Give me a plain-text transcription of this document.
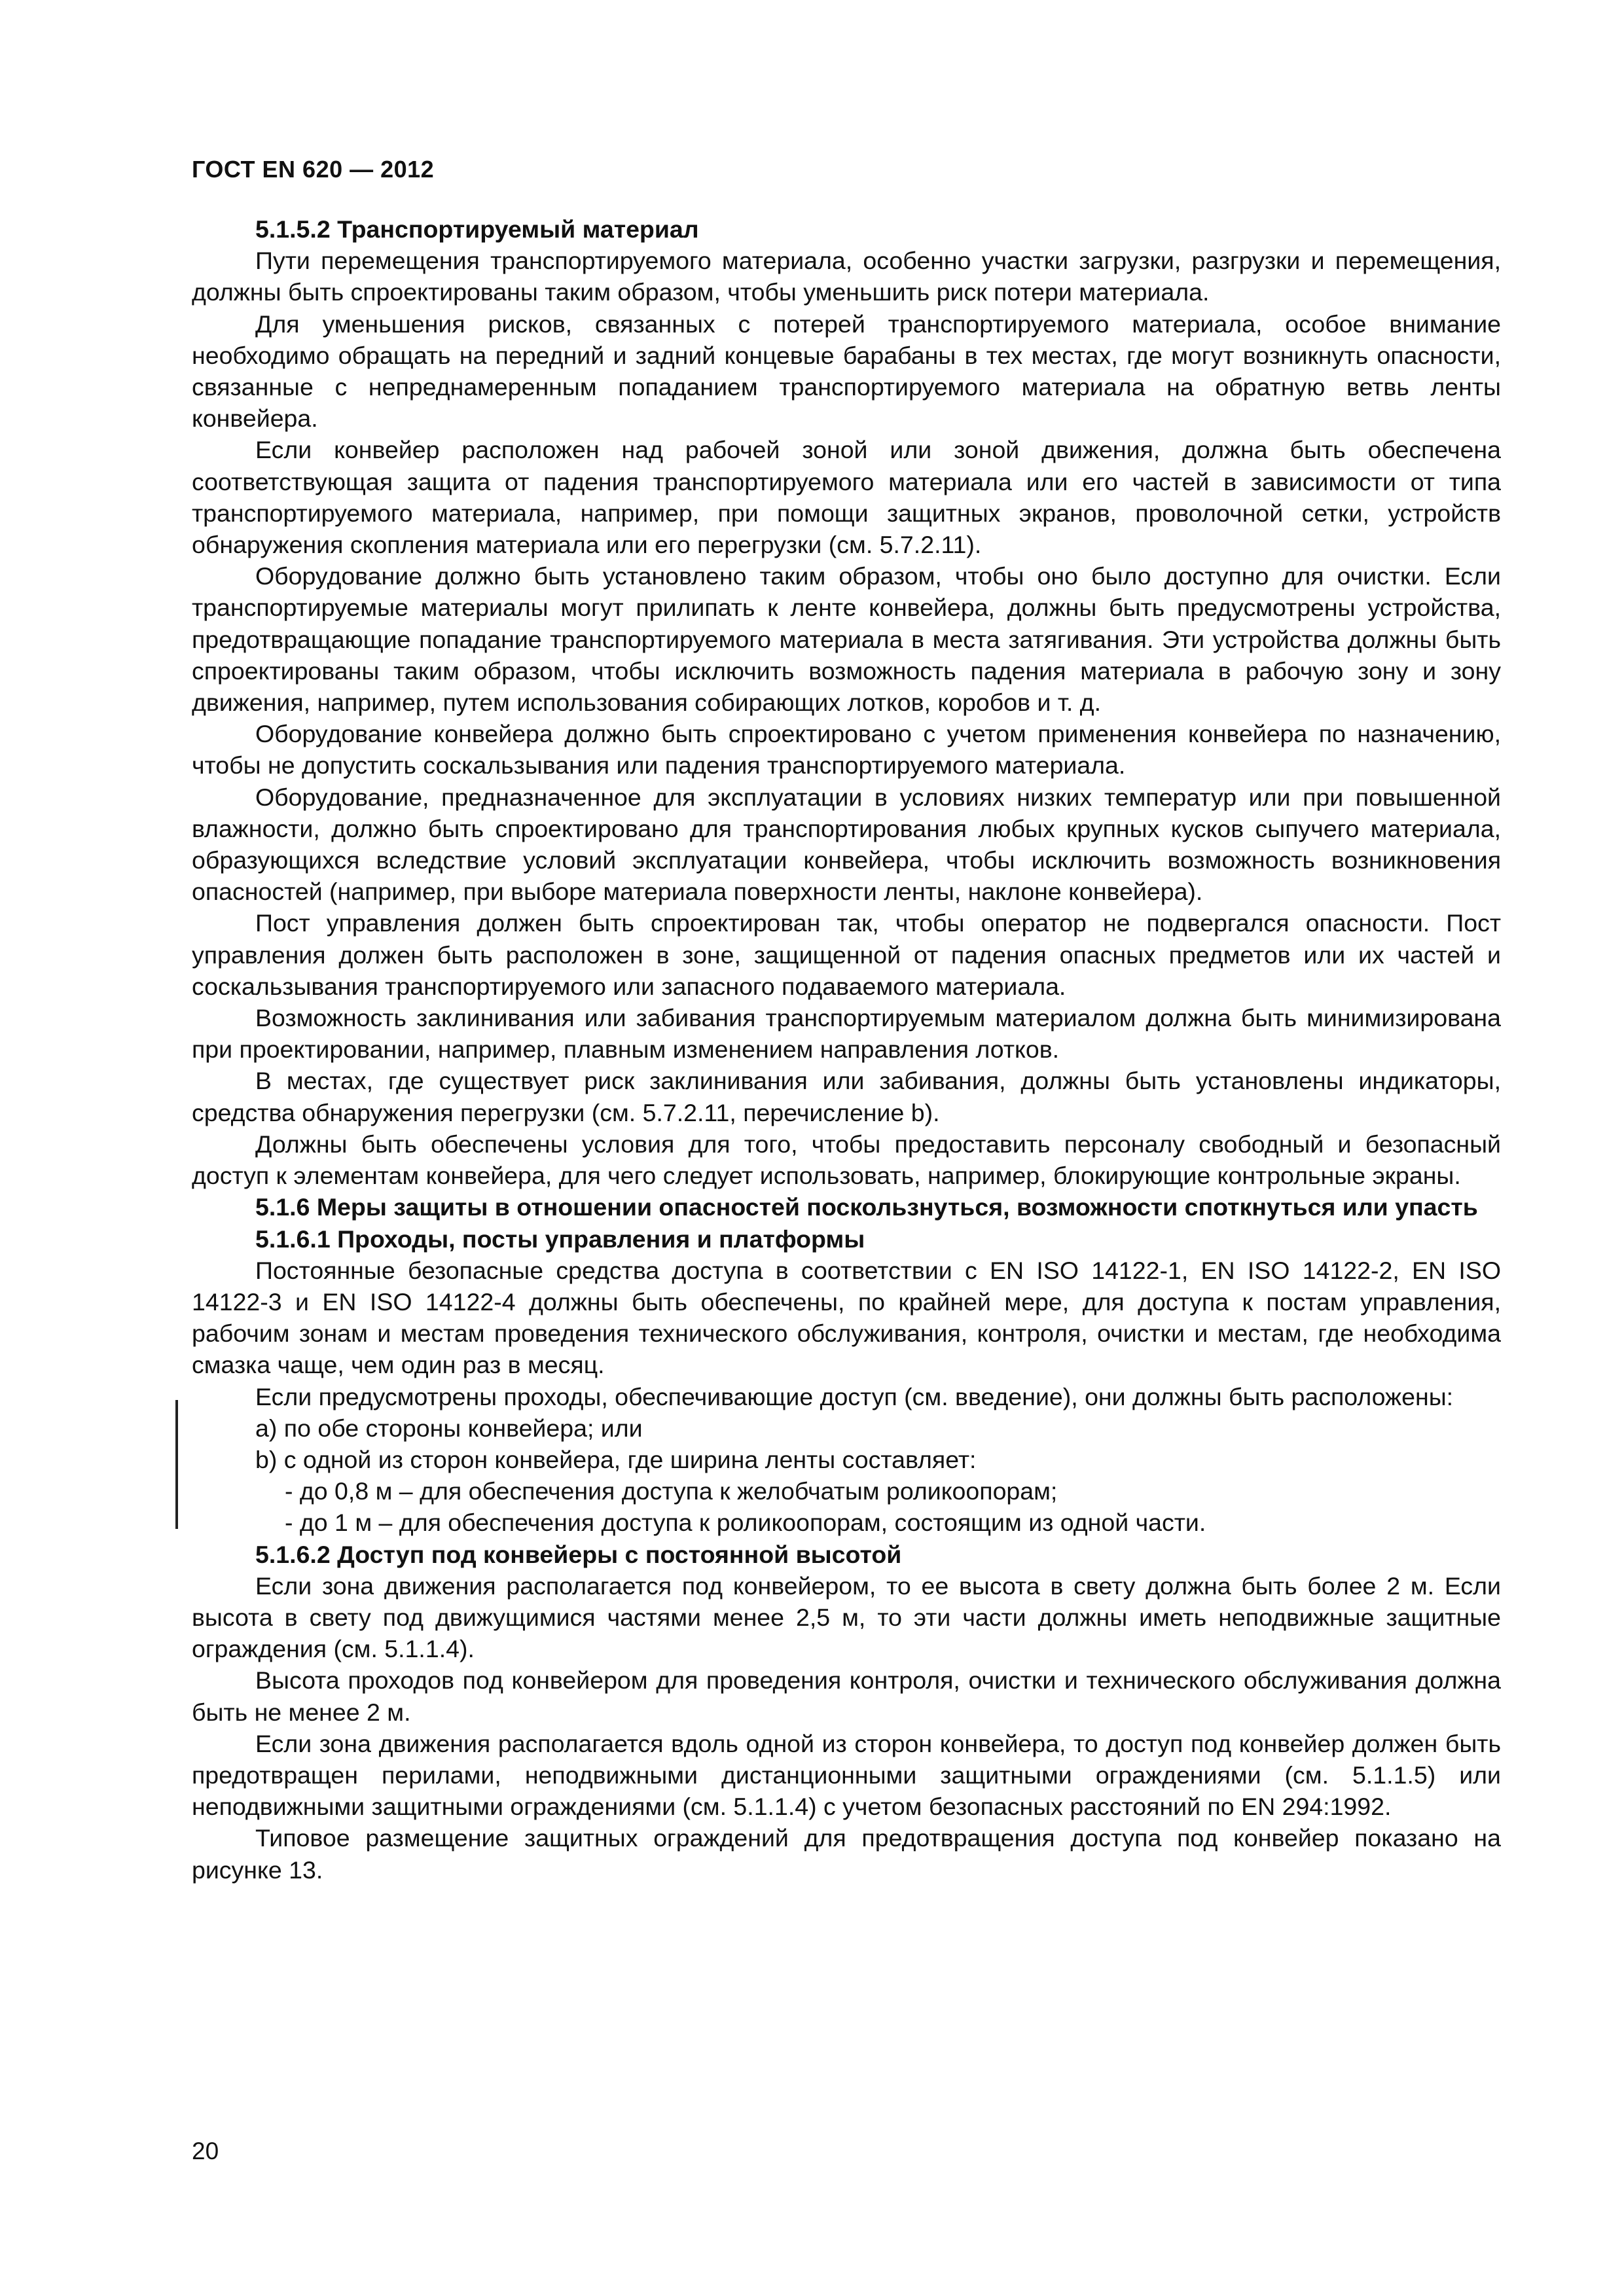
ГОСТ EN 620 — 2012

5.1.5.2 Транспортируемый материал

Пути перемещения транспортируемого материала, особенно участки загрузки, разгрузки и перемещения, должны быть спроектированы таким образом, чтобы уменьшить риск потери материала.

Для уменьшения рисков, связанных с потерей транспортируемого материала, особое внимание необходимо обращать на передний и задний концевые барабаны в тех местах, где могут возникнуть опасности, связанные с непреднамеренным попаданием транспортируемого материала на обратную ветвь ленты конвейера.

Если конвейер расположен над рабочей зоной или зоной движения, должна быть обеспечена соответствующая защита от падения транспортируемого материала или его частей в зависимости от типа транспортируемого материала, например, при помощи защитных экранов, проволочной сетки, устройств обнаружения скопления материала или его перегрузки (см. 5.7.2.11).

Оборудование должно быть установлено таким образом, чтобы оно было доступно для очистки. Если транспортируемые материалы могут прилипать к ленте конвейера, должны быть предусмотрены устройства, предотвращающие попадание транспортируемого материала в места затягивания. Эти устройства должны быть спроектированы таким образом, чтобы исключить возможность падения материала в рабочую зону и зону движения, например, путем использования собирающих лотков, коробов и т. д.

Оборудование конвейера должно быть спроектировано с учетом применения конвейера по назначению, чтобы не допустить соскальзывания или падения транспортируемого материала.

Оборудование, предназначенное для эксплуатации в условиях низких температур или при повышенной влажности, должно быть спроектировано для транспортирования любых крупных кусков сыпучего материала, образующихся вследствие условий эксплуатации конвейера, чтобы исключить возможность возникновения опасностей (например, при выборе материала поверхности ленты, наклоне конвейера).

Пост управления должен быть спроектирован так, чтобы оператор не подвергался опасности. Пост управления должен быть расположен в зоне, защищенной от падения опасных предметов или их частей и соскальзывания транспортируемого или запасного подаваемого материала.

Возможность заклинивания или забивания транспортируемым материалом должна быть минимизирована при проектировании, например, плавным изменением направления лотков.

В местах, где существует риск заклинивания или забивания, должны быть установлены индикаторы, средства обнаружения перегрузки (см. 5.7.2.11, перечисление b).

Должны быть обеспечены условия для того, чтобы предоставить персоналу свободный и безопасный доступ к элементам конвейера, для чего следует использовать, например, блокирующие контрольные экраны.

5.1.6 Меры защиты в отношении опасностей поскользнуться, возможности споткнуться или упасть

5.1.6.1 Проходы, посты управления и платформы

Постоянные безопасные средства доступа в соответствии с EN ISO 14122-1, EN ISO 14122-2, EN ISO 14122-3 и EN ISO 14122-4 должны быть обеспечены, по крайней мере, для доступа к постам управления, рабочим зонам и местам проведения технического обслуживания, контроля, очистки и местам, где необходима смазка чаще, чем один раз в месяц.

Если предусмотрены проходы, обеспечивающие доступ (см. введение), они должны быть расположены:

а) по обе стороны конвейера; или

b) с одной из сторон конвейера, где ширина ленты составляет:

- до 0,8 м – для обеспечения доступа к желобчатым роликоопорам;

- до 1 м – для обеспечения доступа к роликоопорам, состоящим из одной части.

5.1.6.2 Доступ под конвейеры с постоянной высотой

Если зона движения располагается под конвейером, то ее высота в свету должна быть более 2 м. Если высота в свету под движущимися частями менее 2,5 м, то эти части должны иметь неподвижные защитные ограждения (см. 5.1.1.4).

Высота проходов под конвейером для проведения контроля, очистки и технического обслуживания должна быть не менее 2 м.

Если зона движения располагается вдоль одной из сторон конвейера, то доступ под конвейер должен быть предотвращен перилами, неподвижными дистанционными защитными ограждениями (см. 5.1.1.5) или неподвижными защитными ограждениями (см. 5.1.1.4) с учетом безопасных расстояний по EN 294:1992.

Типовое размещение защитных ограждений для предотвращения доступа под конвейер показано на рисунке 13.

20
